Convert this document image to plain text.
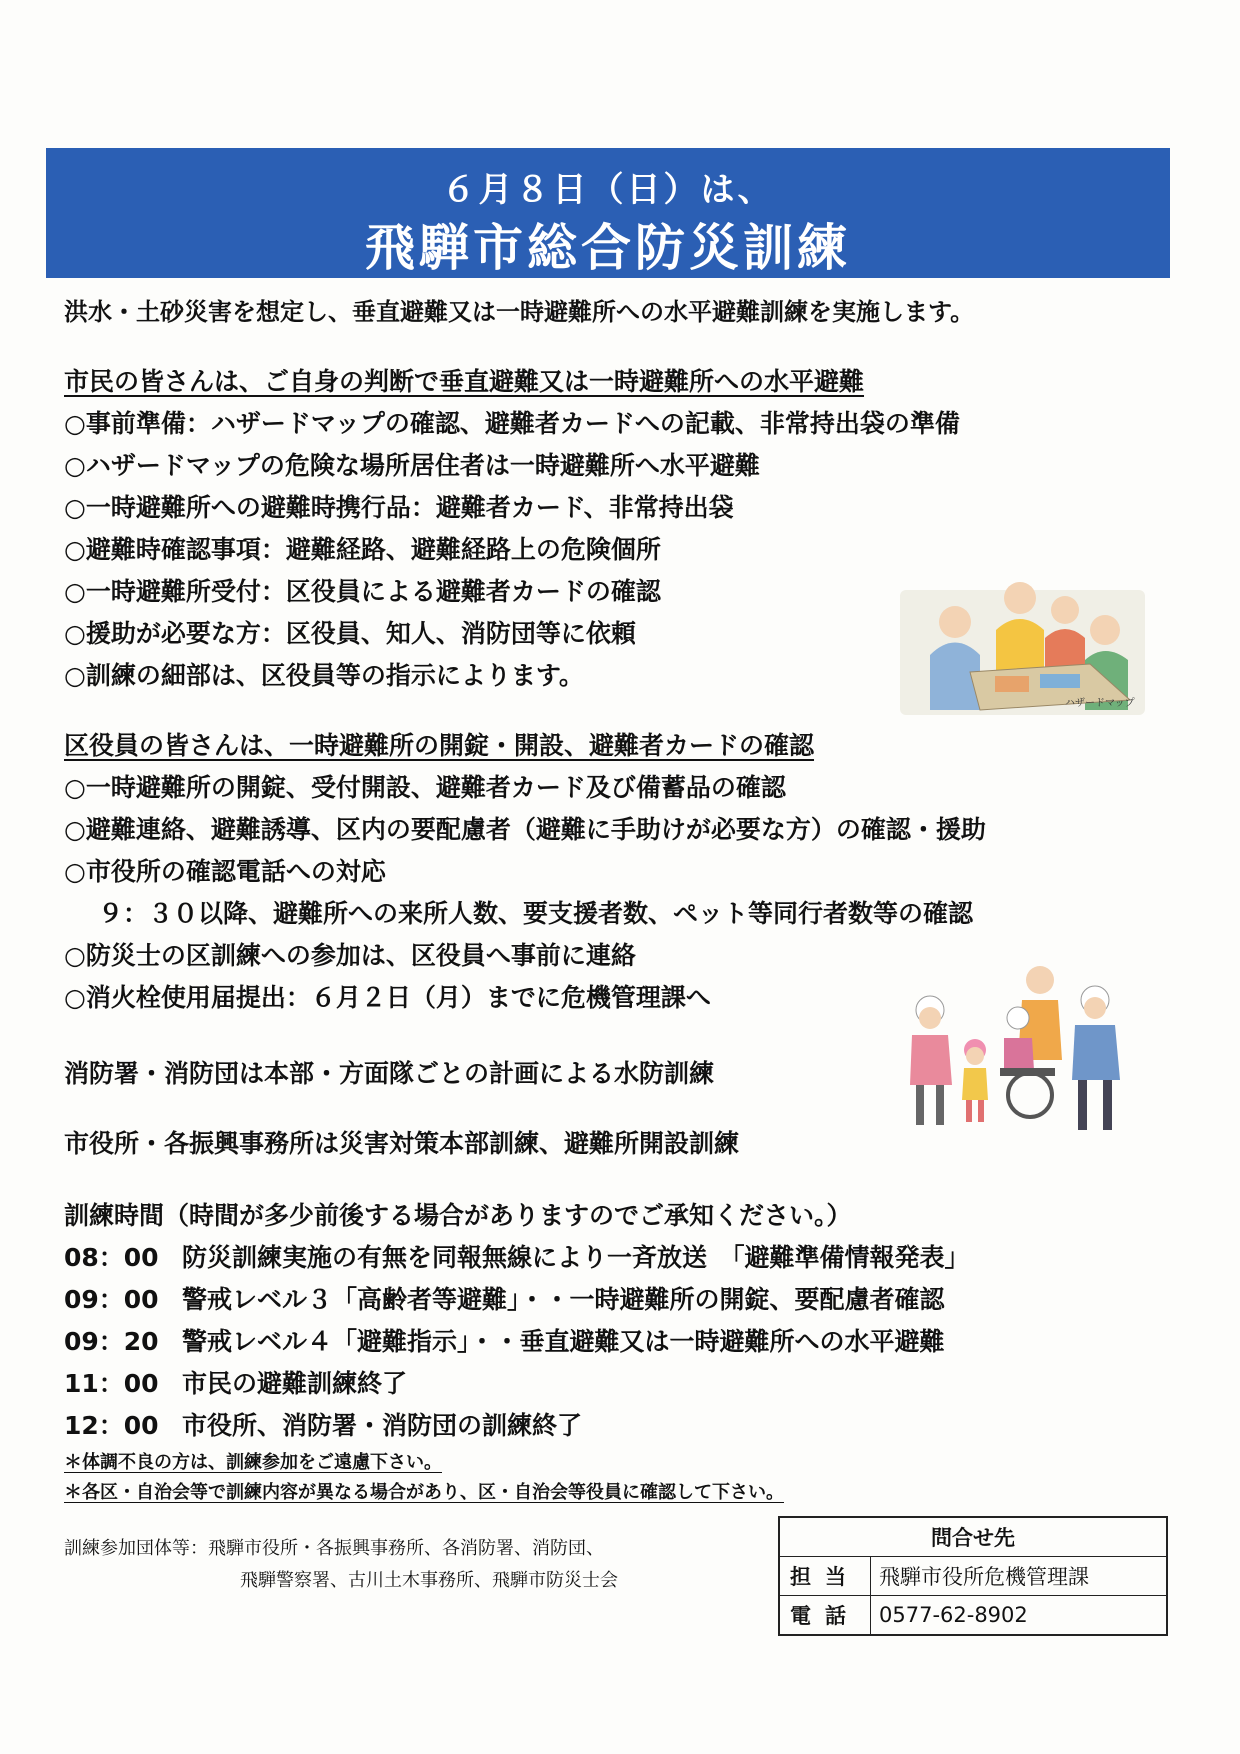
６月８日（日）は、
飛騨市総合防災訓練
洪水・土砂災害を想定し、垂直避難又は一時避難所への水平避難訓練を実施します。
市民の皆さんは、ご自身の判断で垂直避難又は一時避難所への水平避難
○事前準備：ハザードマップの確認、避難者カードへの記載、非常持出袋の準備
○ハザードマップの危険な場所居住者は一時避難所へ水平避難
○一時避難所への避難時携行品：避難者カード、非常持出袋
○避難時確認事項：避難経路、避難経路上の危険個所
○一時避難所受付：区役員による避難者カードの確認
○援助が必要な方：区役員、知人、消防団等に依頼
○訓練の細部は、区役員等の指示によります。
区役員の皆さんは、一時避難所の開錠・開設、避難者カードの確認
○一時避難所の開錠、受付開設、避難者カード及び備蓄品の確認
○避難連絡、避難誘導、区内の要配慮者（避難に手助けが必要な方）の確認・援助
○市役所の確認電話への対応
９：３０以降、避難所への来所人数、要支援者数、ペット等同行者数等の確認
○防災士の区訓練への参加は、区役員へ事前に連絡
○消火栓使用届提出：６月２日（月）までに危機管理課へ
消防署・消防団は本部・方面隊ごとの計画による水防訓練
市役所・各振興事務所は災害対策本部訓練、避難所開設訓練
訓練時間（時間が多少前後する場合がありますのでご承知ください。）
08：00 防災訓練実施の有無を同報無線により一斉放送　「避難準備情報発表」
09：00 警戒レベル３「高齢者等避難」・・一時避難所の開錠、要配慮者確認
09：20 警戒レベル４「避難指示」・・垂直避難又は一時避難所への水平避難
11：00 市民の避難訓練終了
12：00 市役所、消防署・消防団の訓練終了
＊体調不良の方は、訓練参加をご遠慮下さい。
＊各区・自治会等で訓練内容が異なる場合があり、区・自治会等役員に確認して下さい。
訓練参加団体等：飛騨市役所・各振興事務所、各消防署、消防団、
飛騨警察署、古川土木事務所、飛騨市防災士会
問合せ先	
担当	飛騨市役所危機管理課
電話	0577-62-8902
ハザードマップ
